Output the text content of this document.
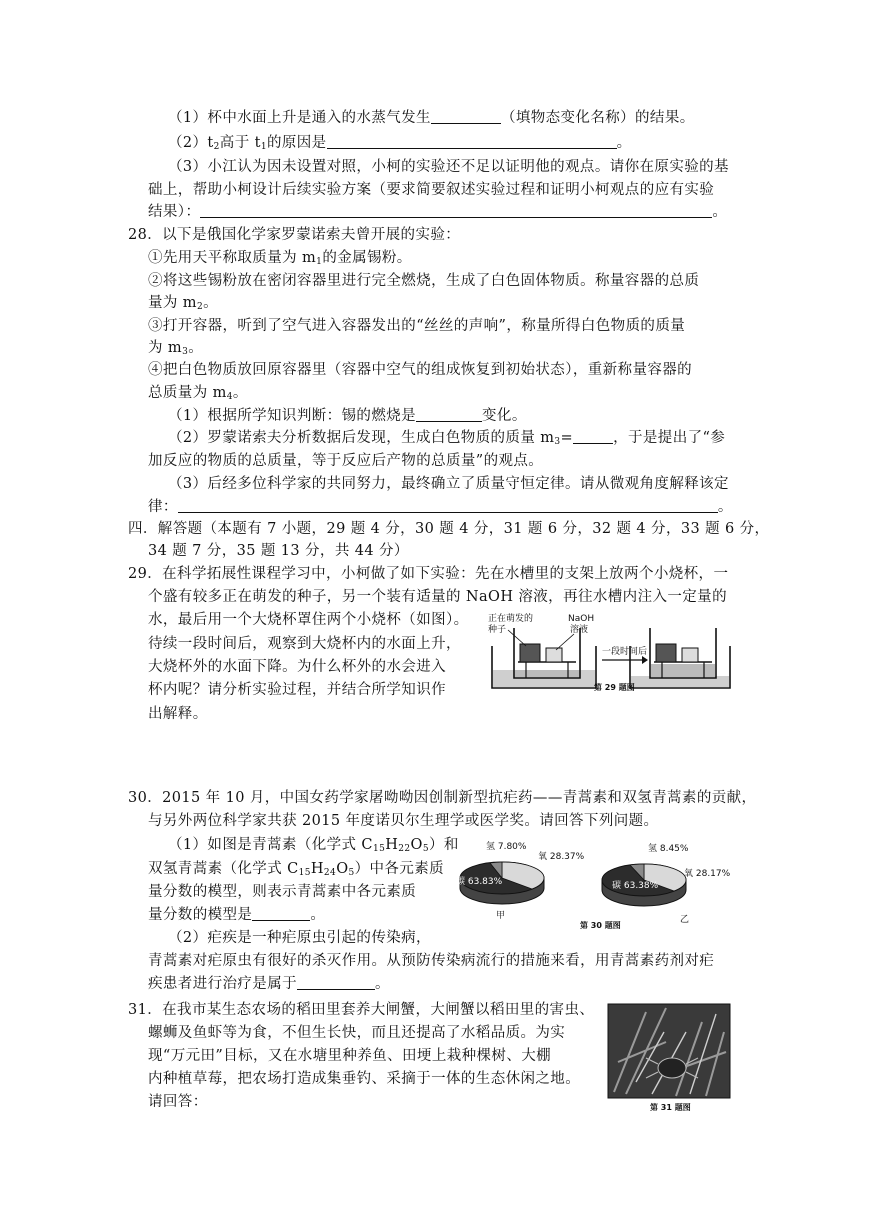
（1）杯中水面上升是通入的水蒸气发生	（填物态变化名称）的结果。
$(2)t_2$高于 $t_1$的原因是	。
（3）小江认为因未设置对照，小柯的实验还不足以证明他的观点。请你在原实验的基
础上，帮助小柯设计后续实验方案（要求简要叙述实验过程和证明小柯观点的应有实验
结果）：	。
28．以下是俄国化学家罗蒙诺索夫曾开展的实验：
①先用天平称取质量为 $m_1$的金属锡粉。
②将这些锡粉放在密闭容器里进行完全燃烧，生成了白色固体物质。称量容器的总质
量为 $m_2$。
③打开容器，听到了空气进入容器发出的“丝丝的声响”，称量所得白色物质的质量
为 $m_3$。
④把白色物质放回原容器里（容器中空气的组成恢复到初始状态），重新称量容器的
总质量为 $m_4$。
（1）根据所学知识判断：锡的燃烧是	变化。
（2）罗蒙诺索夫分析数据后发现，生成白色物质的质量 $m_3=$	，于是提出了“参
加反应的物质的总质量，等于反应后产物的总质量”的观点。
（3）后经多位科学家的共同努力，最终确立了质量守恒定律。请从微观角度解释该定
律：	。
四．解答题（本题有 7 小题，29 题 4 分，30 题 4 分，31 题 6 分，32 题 4 分，33 题 6 分，
34 题 7 分，35 题 13 分，共 44 分）
29．在科学拓展性课程学习中，小柯做了如下实验：先在水槽里的支架上放两个小烧杯，一
个盛有较多正在萌发的种子，另一个装有适量的 NaOH 溶液，再往水槽内注入一定量的
水，最后用一个大烧杯罩住两个小烧杯（如图）。
待续一段时间后，观察到大烧杯内的水面上升，
大烧杯外的水面下降。为什么杯外的水会进入
杯内呢？请分析实验过程，并结合所学知识作
出解释。
正在萌发的
种子
NaOH
溶液
一段时间后
第 29 题图
30．2015 年 10 月，中国女药学家屠呦呦因创制新型抗疟药——青蒿素和双氢青蒿素的贡献，
与另外两位科学家共获 2015 年度诺贝尔生理学或医学奖。请回答下列问题。
（1）如图是青蒿素（化学式 $C_{15}H_{22}O_5$）和
双氢青蒿素（化学式 $C_{15}H_{24}O_5$）中各元素质
量分数的模型，则表示青蒿素中各元素质
量分数的模型是	。
（2）疟疾是一种疟原虫引起的传染病，
青蒿素对疟原虫有很好的杀灭作用。从预防传染病流行的措施来看，用青蒿素药剂对疟
疾患者进行治疗是属于	。
氢 7.80%
氧 28.37%
碳 63.83%
甲
氢 8.45%
氧 28.17%
碳 63.38%
乙
第 30 题图
31．在我市某生态农场的稻田里套养大闸蟹，大闸蟹以稻田里的害虫、
螺蛳及鱼虾等为食，不但生长快，而且还提高了水稻品质。为实
现“万元田”目标，又在水塘里种养鱼、田埂上栽种棵树、大棚
内种植草莓，把农场打造成集垂钓、采摘于一体的生态休闲之地。
请回答：	第 31 题图
